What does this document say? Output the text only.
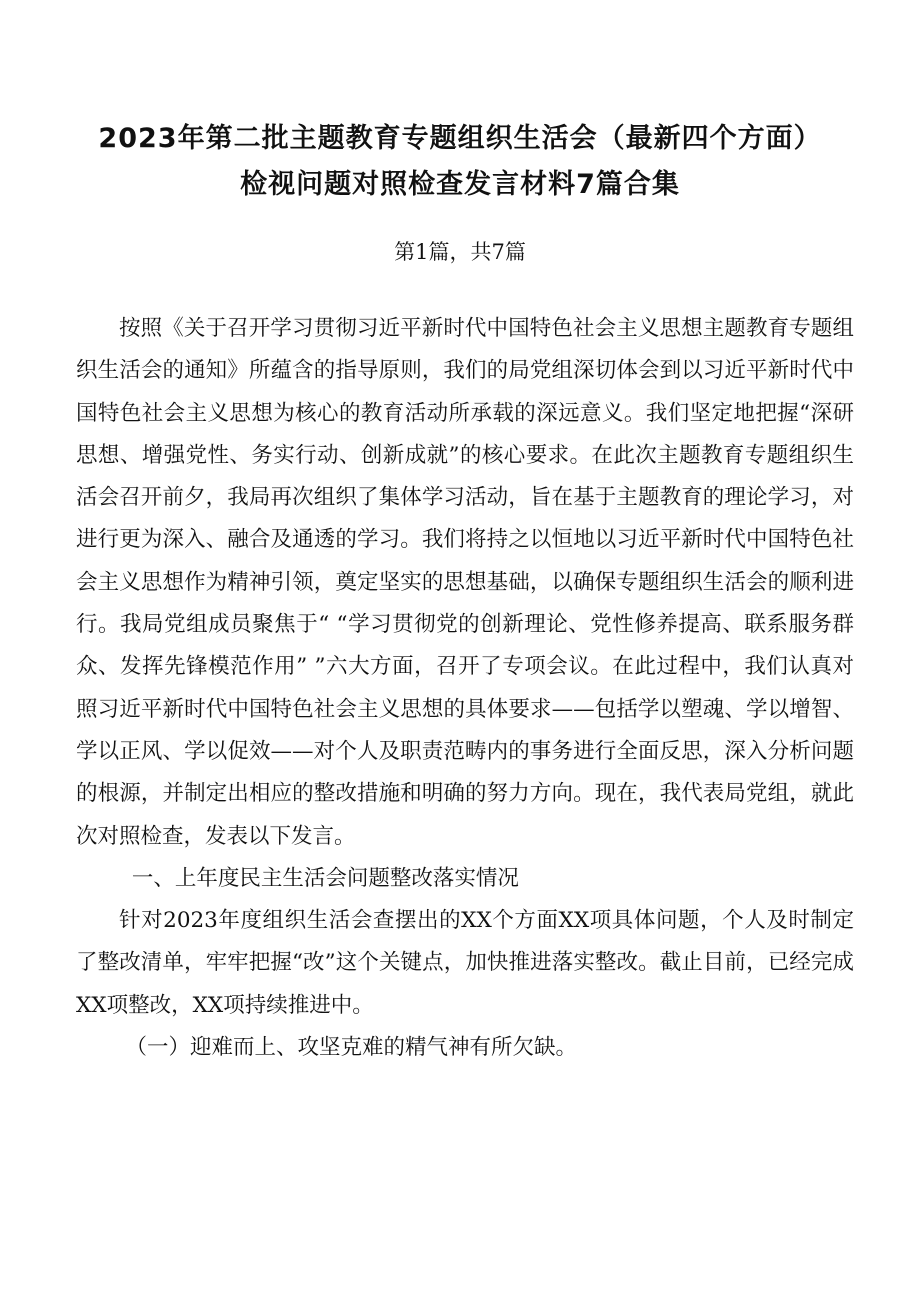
2023年第二批主题教育专题组织生活会（最新四个方面）
检视问题对照检查发言材料7篇合集

第1篇，共7篇

按照《关于召开学习贯彻习近平新时代中国特色社会主义思想主题教育专题组织生活会的通知》所蕴含的指导原则，我们的局党组深切体会到以习近平新时代中国特色社会主义思想为核心的教育活动所承载的深远意义。我们坚定地把握“深研思想、增强党性、务实行动、创新成就”的核心要求。在此次主题教育专题组织生活会召开前夕，我局再次组织了集体学习活动，旨在基于主题教育的理论学习，对进行更为深入、融合及通透的学习。我们将持之以恒地以习近平新时代中国特色社会主义思想作为精神引领，奠定坚实的思想基础，以确保专题组织生活会的顺利进行。我局党组成员聚焦于“ “学习贯彻党的创新理论、党性修养提高、联系服务群众、发挥先锋模范作用” ”六大方面，召开了专项会议。在此过程中，我们认真对照习近平新时代中国特色社会主义思想的具体要求——包括学以塑魂、学以增智、学以正风、学以促效——对个人及职责范畴内的事务进行全面反思，深入分析问题的根源，并制定出相应的整改措施和明确的努力方向。现在，我代表局党组，就此次对照检查，发表以下发言。

一、上年度民主生活会问题整改落实情况

针对2023年度组织生活会查摆出的XX个方面XX项具体问题，个人及时制定了整改清单，牢牢把握“改”这个关键点，加快推进落实整改。截止目前，已经完成XX项整改，XX项持续推进中。

（一）迎难而上、攻坚克难的精气神有所欠缺。
